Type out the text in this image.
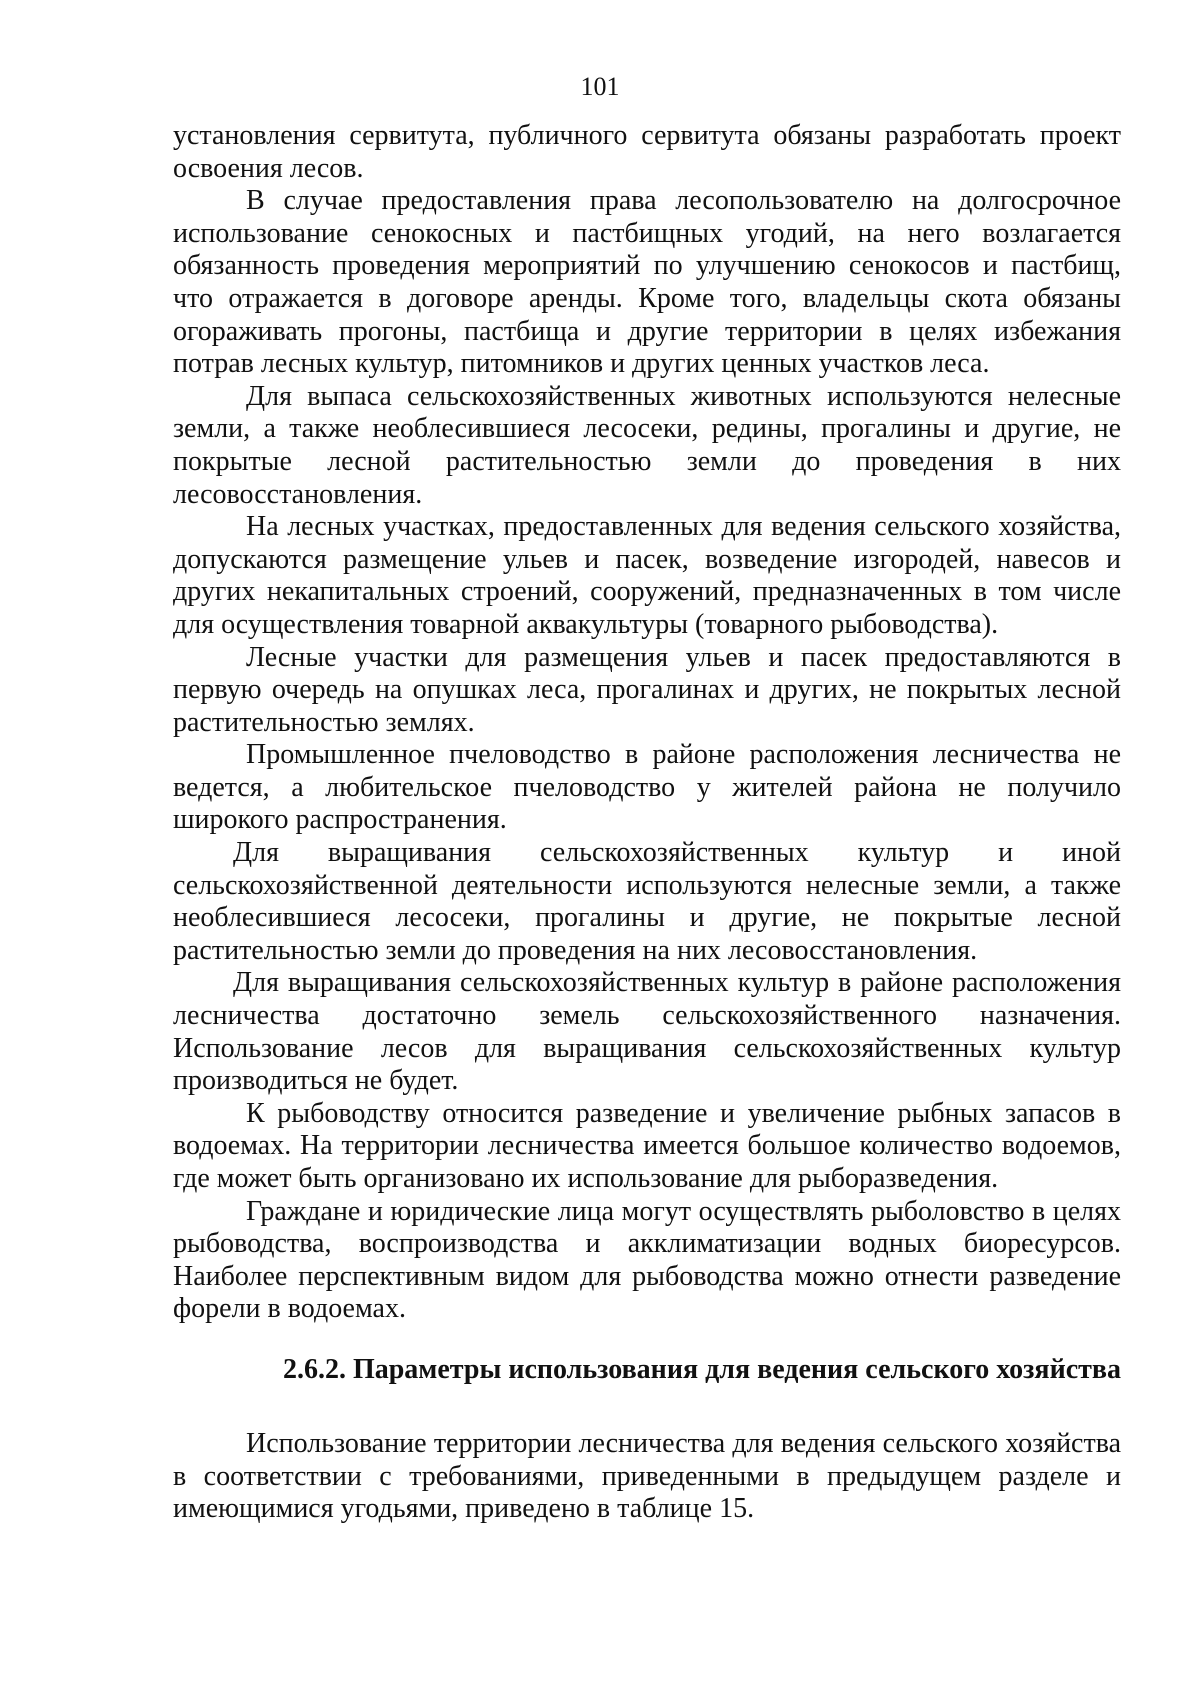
101

установления сервитута, публичного сервитута обязаны разработать проект освоения лесов.

В случае предоставления права лесопользователю на долгосрочное использование сенокосных и пастбищных угодий, на него возлагается обязанность проведения мероприятий по улучшению сенокосов и пастбищ, что отражается в договоре аренды. Кроме того, владельцы скота обязаны огораживать прогоны, пастбища и другие территории в целях избежания потрав лесных культур, питомников и других ценных участков леса.

Для выпаса сельскохозяйственных животных используются нелесные земли, а также необлесившиеся лесосеки, редины, прогалины и другие, не покрытые лесной растительностью земли до проведения в них лесовосстановления.

На лесных участках, предоставленных для ведения сельского хозяйства, допускаются размещение ульев и пасек, возведение изгородей, навесов и других некапитальных строений, сооружений, предназначенных в том числе для осуществления товарной аквакультуры (товарного рыбоводства).

Лесные участки для размещения ульев и пасек предоставляются в первую очередь на опушках леса, прогалинах и других, не покрытых лесной растительностью землях.

Промышленное пчеловодство в районе расположения лесничества не ведется, а любительское пчеловодство у жителей района не получило широкого распространения.

Для выращивания сельскохозяйственных культур и иной сельскохозяйственной деятельности используются нелесные земли, а также необлесившиеся лесосеки, прогалины и другие, не покрытые лесной растительностью земли до проведения на них лесовосстановления.

Для выращивания сельскохозяйственных культур в районе расположения лесничества достаточно земель сельскохозяйственного назначения. Использование лесов для выращивания сельскохозяйственных культур производиться не будет.

К рыбоводству относится разведение и увеличение рыбных запасов в водоемах. На территории лесничества имеется большое количество водоемов, где может быть организовано их использование для рыборазведения.

Граждане и юридические лица могут осуществлять рыболовство в целях рыбоводства, воспроизводства и акклиматизации водных биоресурсов. Наиболее перспективным видом для рыбоводства можно отнести разведение форели в водоемах.

2.6.2. Параметры использования для ведения сельского хозяйства

Использование территории лесничества для ведения сельского хозяйства в соответствии с требованиями, приведенными в предыдущем разделе и имеющимися угодьями, приведено в таблице 15.
